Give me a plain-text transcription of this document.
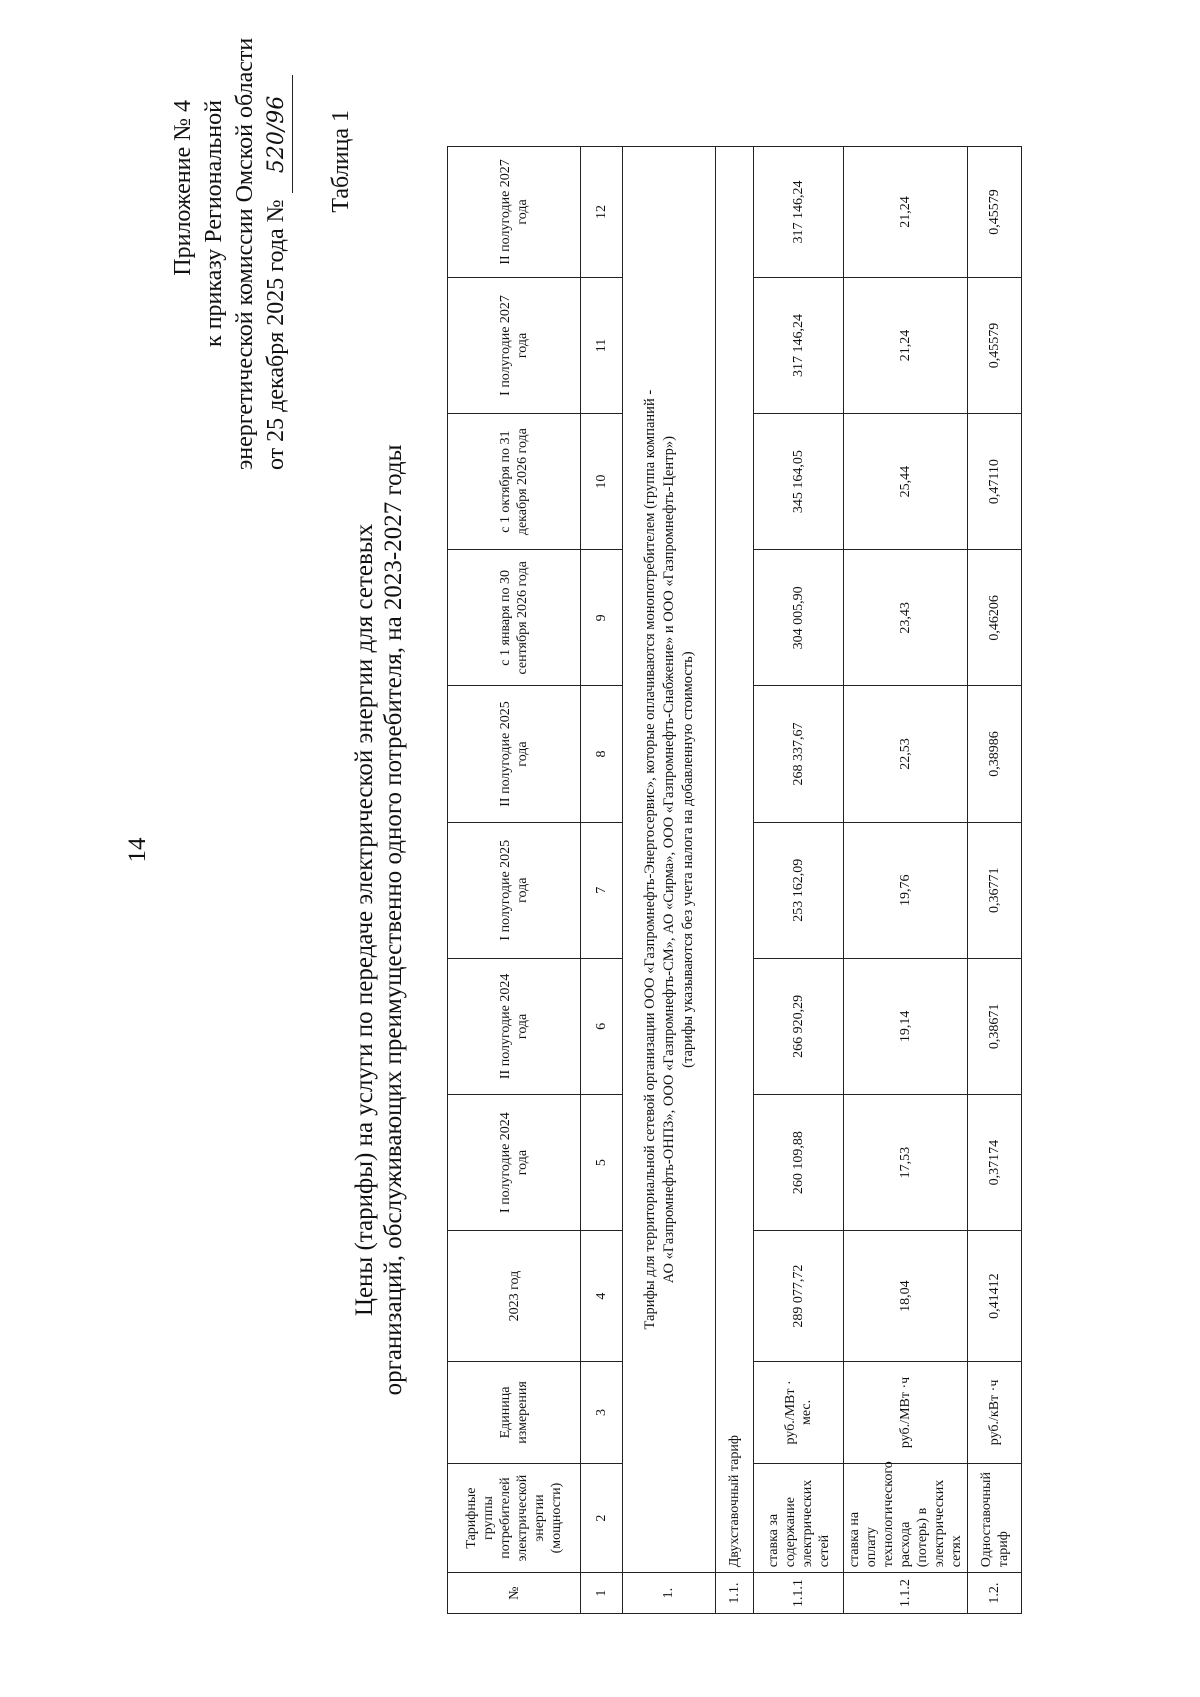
14
Приложение № 4 к приказу Региональной энергетической комиссии Омской области от 25 декабря 2025 года № 520/96 Таблица 1
Цены (тарифы) на услуги по передаче электрической энергии для сетевых организаций, обслуживающих преимущественно одного потребителя, на 2023-2027 годы
№	Тарифные группы потребителей электрической энергии (мощности)	Единица измерения	2023 год	I полугодие 2024 года	II полугодие 2024 года	I полугодие 2025 года	II полугодие 2025 года	с 1 января по 30 сентября 2026 года	с 1 октября по 31 декабря 2026 года	I полугодие 2027 года	II полугодие 2027 года
1	2	3	4	5	6	7	8	9	10	11	12
1.	Тарифы для территориальной сетевой организации ООО «Газпромнефть-Энергосервис», которые оплачиваются монопотребителем (группа компаний - АО «Газпромнефть-ОНПЗ», ООО «Газпромнефть-СМ», АО «Сирма», ООО «Газпромнефть-Снабжение» и ООО «Газпромнефть-Центр») (тарифы указываются без учета налога на добавленную стоимость)										

1.1.	Двухставочный тариф										
1.1.1	ставка за содержание электрических сетей	руб./МВт · мес.	289 077,72	260 109,88	266 920,29	253 162,09	268 337,67	304 005,90	345 164,05	317 146,24	317 146,24
1.1.2	ставка на оплату технологического расхода (потерь) в электрических сетях	руб./МВт ·ч	18,04	17,53	19,14	19,76	22,53	23,43	25,44	21,24	21,24
1.2.	Одноставочный тариф	руб./кВт ·ч	0,41412	0,37174	0,38671	0,36771	0,38986	0,46206	0,47110	0,45579	0,45579
